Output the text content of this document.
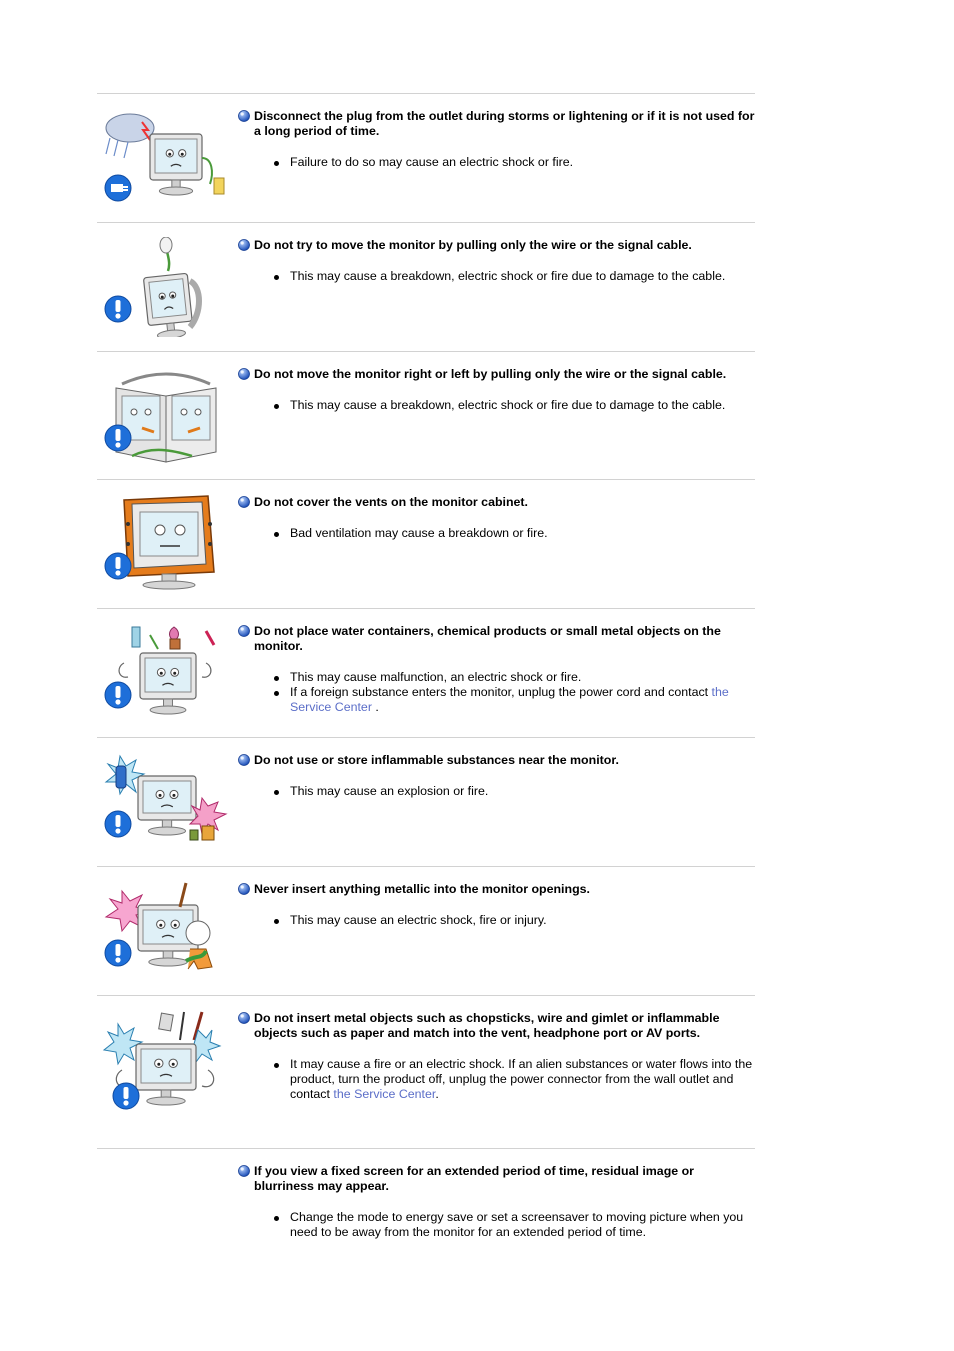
Disconnect the plug from the outlet during storms or lightening or if it is not used for a long period of time.
Failure to do so may cause an electric shock or fire.
Do not try to move the monitor by pulling only the wire or the signal cable.
This may cause a breakdown, electric shock or fire due to damage to the cable.
Do not move the monitor right or left by pulling only the wire or the signal cable.
This may cause a breakdown, electric shock or fire due to damage to the cable.
Do not cover the vents on the monitor cabinet.
Bad ventilation may cause a breakdown or fire.
Do not place water containers, chemical products or small metal objects on the monitor.
This may cause malfunction, an electric shock or fire.
If a foreign substance enters the monitor, unplug the power cord and contact the Service Center .
Do not use or store inflammable substances near the monitor.
This may cause an explosion or fire.
Never insert anything metallic into the monitor openings.
This may cause an electric shock, fire or injury.
Do not insert metal objects such as chopsticks, wire and gimlet or inflammable objects such as paper and match into the vent, headphone port or AV ports.
It may cause a fire or an electric shock. If an alien substances or water flows into the product, turn the product off, unplug the power connector from the wall outlet and contact the Service Center.
If you view a fixed screen for an extended period of time, residual image or blurriness may appear.
Change the mode to energy save or set a screensaver to moving picture when you need to be away from the monitor for an extended period of time.
